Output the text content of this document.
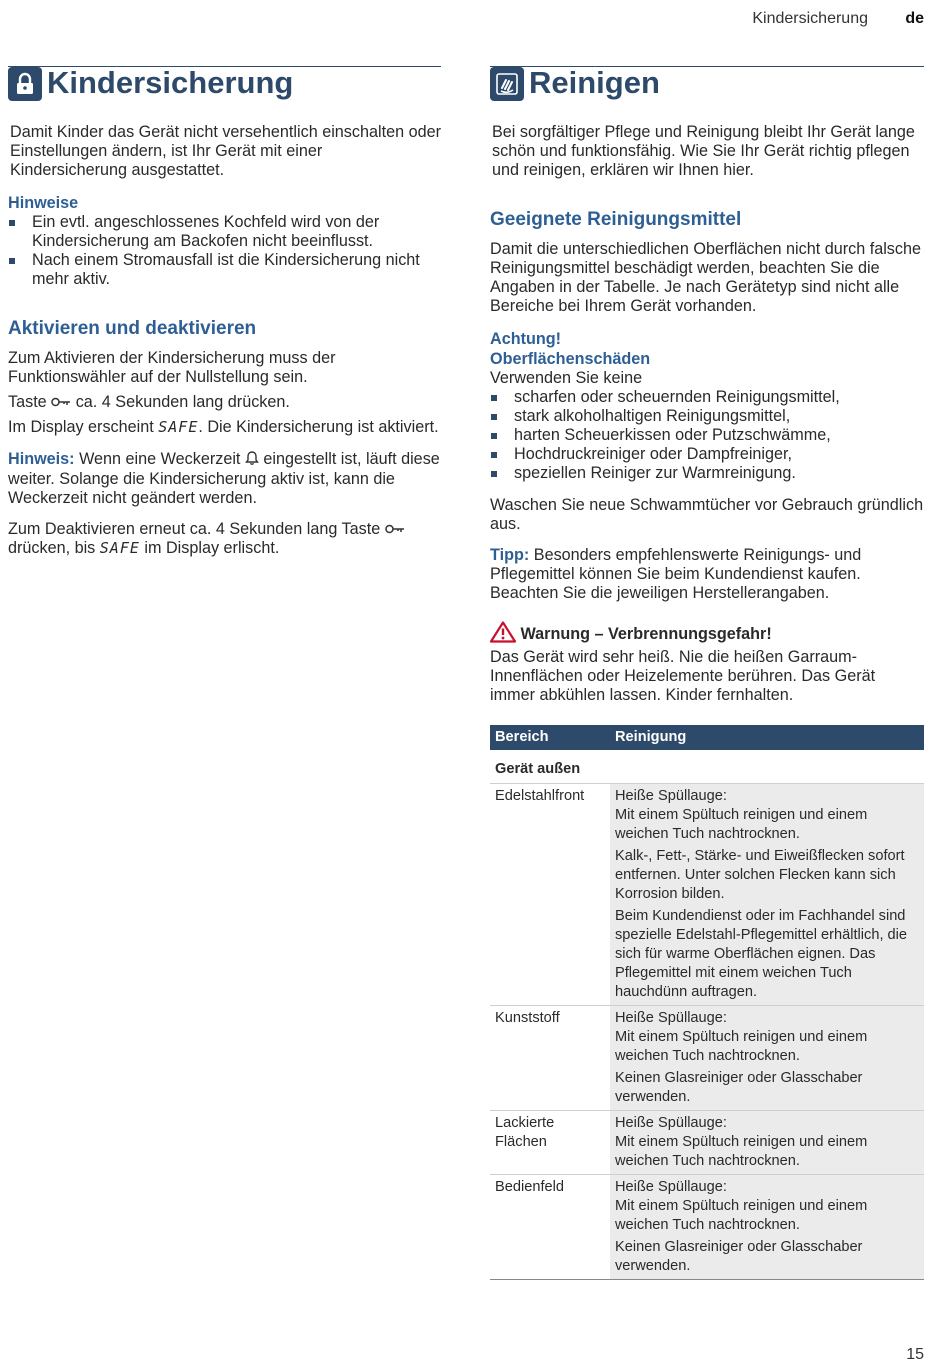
Kindersicherung de
Kindersicherung

Damit Kinder das Gerät nicht versehentlich einschalten oder Einstellungen ändern, ist Ihr Gerät mit einer Kindersicherung ausgestattet.

Hinweise
Ein evtl. angeschlossenes Kochfeld wird von der Kindersicherung am Backofen nicht beeinflusst.
Nach einem Stromausfall ist die Kindersicherung nicht mehr aktiv.
Aktivieren und deaktivieren

Zum Aktivieren der Kindersicherung muss der Funktionswähler auf der Nullstellung sein.

Taste ca. 4 Sekunden lang drücken.

Im Display erscheint SAFE. Die Kindersicherung ist aktiviert.

Hinweis: Wenn eine Weckerzeit eingestellt ist, läuft diese weiter. Solange die Kindersicherung aktiv ist, kann die Weckerzeit nicht geändert werden.

Zum Deaktivieren erneut ca. 4 Sekunden lang Taste  drücken, bis SAFE im Display erlischt.

Reinigen

Bei sorgfältiger Pflege und Reinigung bleibt Ihr Gerät lange schön und funktionsfähig. Wie Sie Ihr Gerät richtig pflegen und reinigen, erklären wir Ihnen hier.

Geeignete Reinigungsmittel

Damit die unterschiedlichen Oberflächen nicht durch falsche Reinigungsmittel beschädigt werden, beachten Sie die Angaben in der Tabelle. Je nach Gerätetyp sind nicht alle Bereiche bei Ihrem Gerät vorhanden.

Achtung!
Oberflächenschäden
Verwenden Sie keine
scharfen oder scheuernden Reinigungsmittel,
stark alkoholhaltigen Reinigungsmittel,
harten Scheuerkissen oder Putzschwämme,
Hochdruckreiniger oder Dampfreiniger,
speziellen Reiniger zur Warmreinigung.

Waschen Sie neue Schwammtücher vor Gebrauch gründlich aus.

Tipp: Besonders empfehlenswerte Reinigungs- und Pflegemittel können Sie beim Kundendienst kaufen. Beachten Sie die jeweiligen Herstellerangaben.

Warnung – Verbrennungsgefahr!

Das Gerät wird sehr heiß. Nie die heißen Garraum-Innenflächen oder Heizelemente berühren. Das Gerät immer abkühlen lassen. Kinder fernhalten.

Bereich	Reinigung
Gerät außen	
Edelstahlfront	Heiße Spüllauge:
Mit einem Spültuch reinigen und einem weichen Tuch nachtrocknen.

Kalk-, Fett-, Stärke- und Eiweißflecken sofort entfernen. Unter solchen Flecken kann sich Korrosion bilden.

Beim Kundendienst oder im Fachhandel sind spezielle Edelstahl-Pflegemittel erhältlich, die sich für warme Oberflächen eignen. Das Pflegemittel mit einem weichen Tuch hauchdünn auftragen.

Kunststoff	Heiße Spüllauge:
Mit einem Spültuch reinigen und einem weichen Tuch nachtrocknen.

Keinen Glasreiniger oder Glasschaber verwenden.

Lackierte Flächen	Heiße Spüllauge:
Mit einem Spültuch reinigen und einem weichen Tuch nachtrocknen.

Bedienfeld	Heiße Spüllauge:
Mit einem Spültuch reinigen und einem weichen Tuch nachtrocknen.

Keinen Glasreiniger oder Glasschaber verwenden.

15
